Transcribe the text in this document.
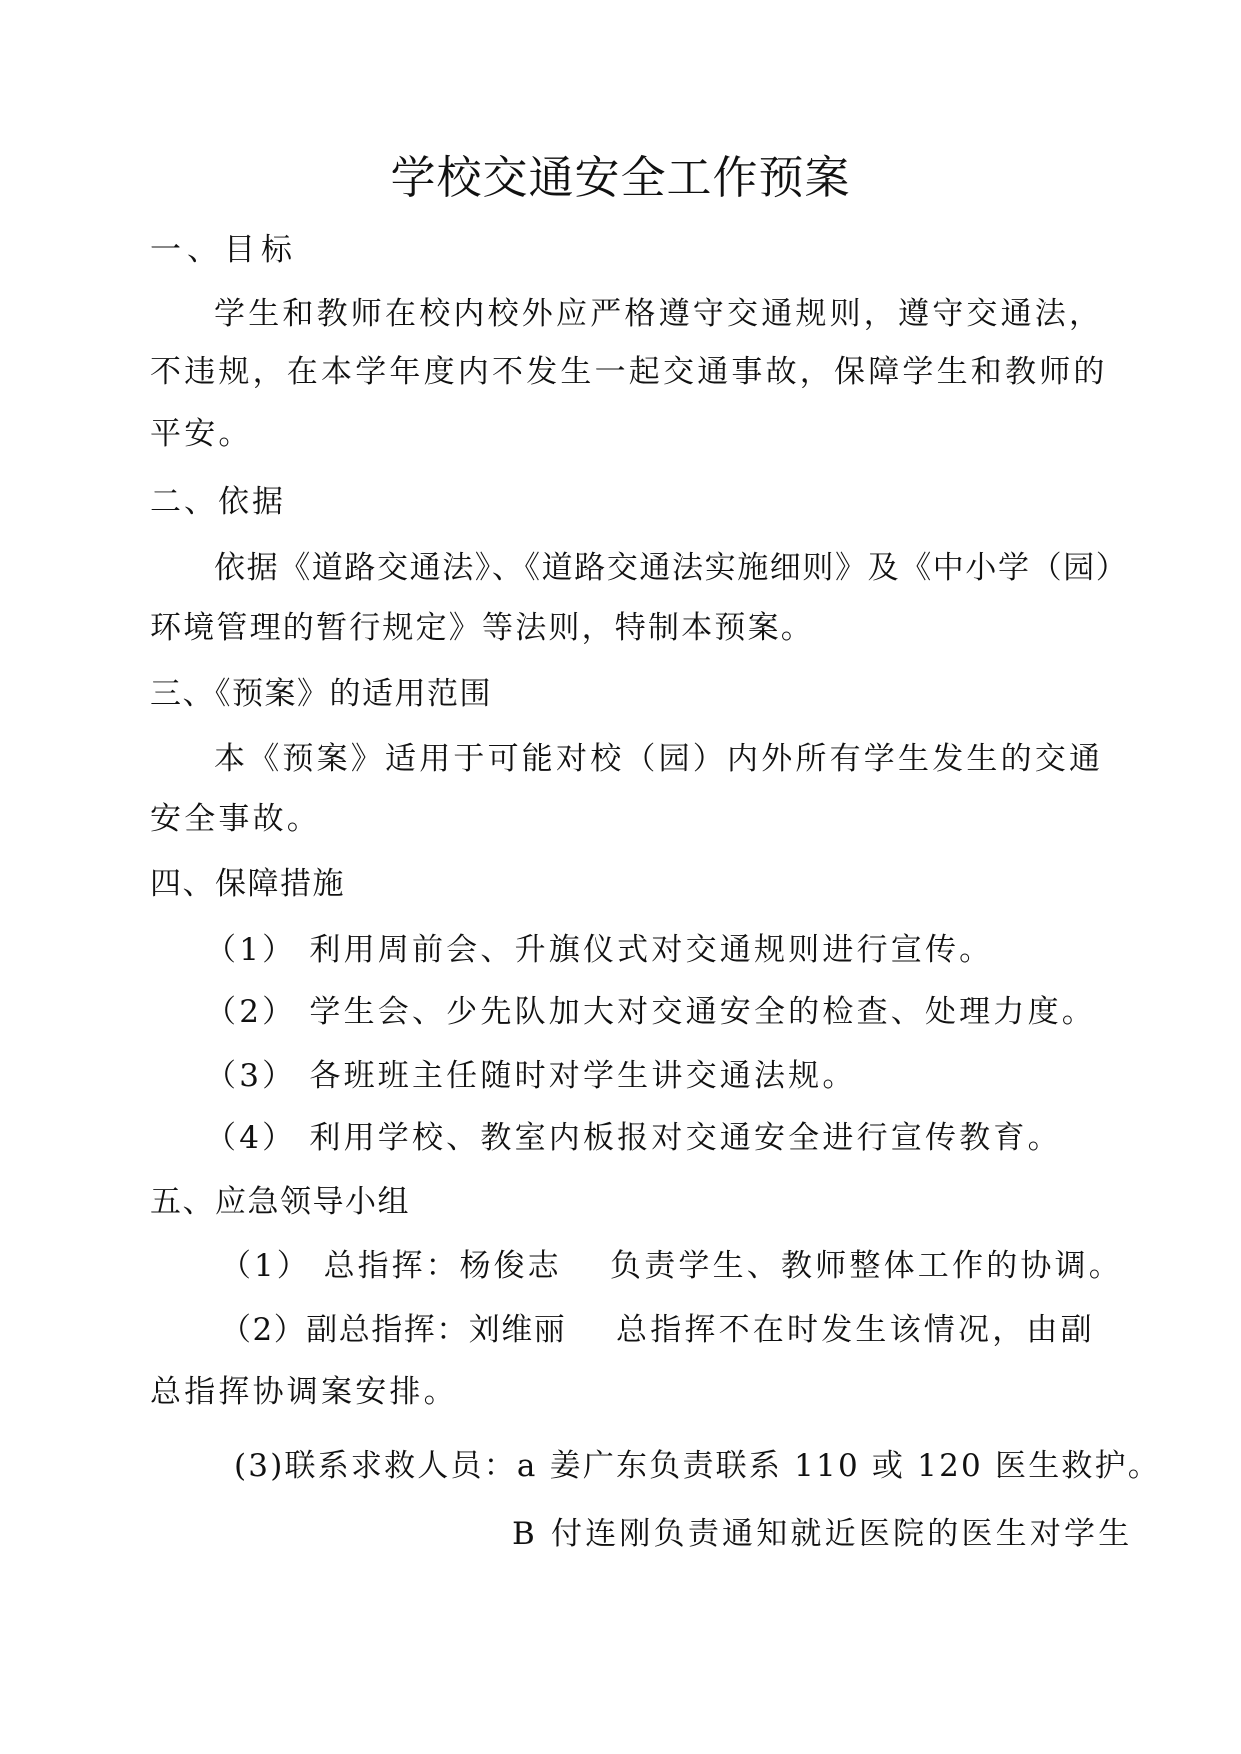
学校交通安全工作预案
一、目标
学生和教师在校内校外应严格遵守交通规则，遵守交通法，
不违规，在本学年度内不发生一起交通事故，保障学生和教师的
平安。
二、依据
依据《道路交通法》、《道路交通法实施细则》及《中小学（园）
环境管理的暂行规定》等法则，特制本预案。
三、《预案》的适用范围
本《预案》适用于可能对校（园）内外所有学生发生的交通
安全事故。
四、保障措施
（1） 利用周前会、升旗仪式对交通规则进行宣传。
（2） 学生会、少先队加大对交通安全的检查、处理力度。
（3） 各班班主任随时对学生讲交通法规。
（4） 利用学校、教室内板报对交通安全进行宣传教育。
五、应急领导小组
（1） 总指挥：杨俊志 负责学生、教师整体工作的协调。
（2）副总指挥：刘维丽 总指挥不在时发生该情况，由副
总指挥协调案安排。
(3)联系求救人员：a 姜广东负责联系 110 或 120 医生救护。
B 付连刚负责通知就近医院的医生对学生
